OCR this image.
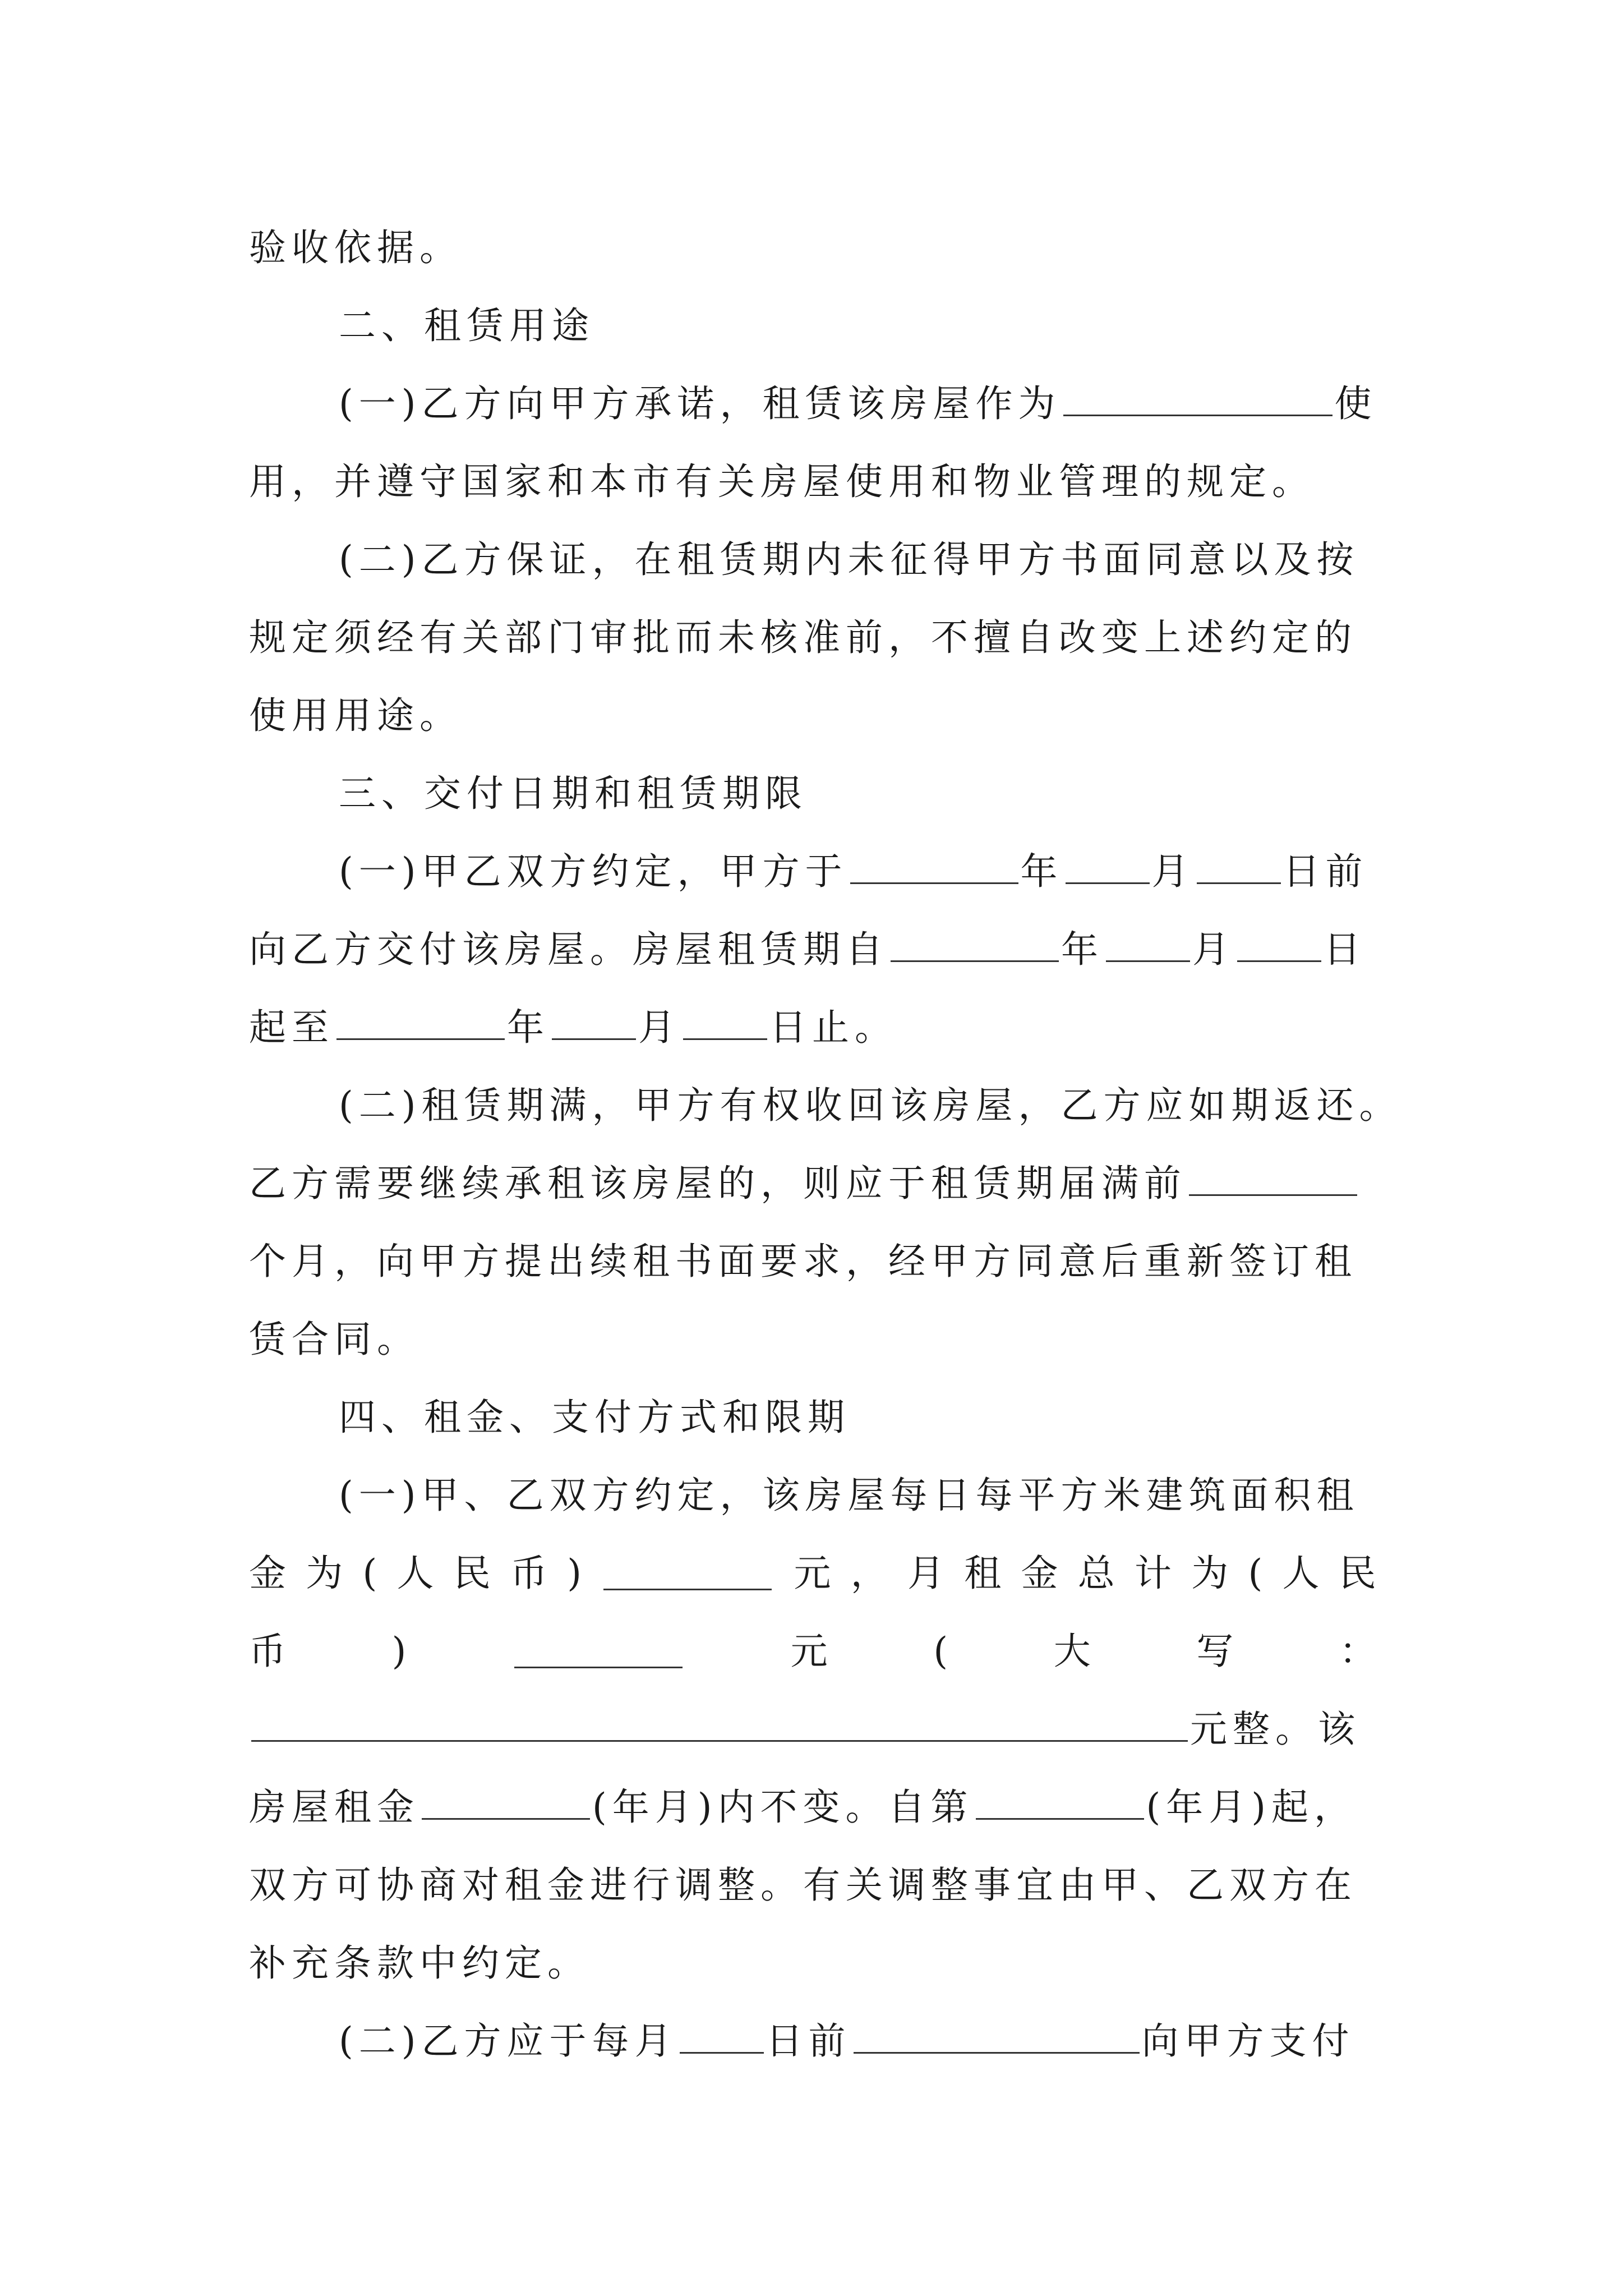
验收依据。
二、租赁用途
(一)乙方向甲方承诺，租赁该房屋作为	使
用，并遵守国家和本市有关房屋使用和物业管理的规定。
(二)乙方保证，在租赁期内未征得甲方书面同意以及按
规定须经有关部门审批而未核准前，不擅自改变上述约定的
使用用途。
三、交付日期和租赁期限
(一)甲乙双方约定，甲方于	年 月 日前
向乙方交付该房屋。房屋租赁期自	年 月 日
起至	年 月 日止。
(二)租赁期满，甲方有权收回该房屋，乙方应如期返还。
乙方需要继续承租该房屋的，则应于租赁期届满前
个月，向甲方提出续租书面要求，经甲方同意后重新签订租
赁合同。
四、租金、支付方式和限期
(一)甲、乙双方约定，该房屋每日每平方米建筑面积租
金 为 ( 人 民 币 )	元 ， 月 租 金 总 计 为 ( 人 民
币	)	元	(	大	写	：
元整。该
房屋租金	(年月)内不变。自第	(年月)起，
双方可协商对租金进行调整。有关调整事宜由甲、乙双方在
补充条款中约定。
(二)乙方应于每月 日前	向甲方支付
